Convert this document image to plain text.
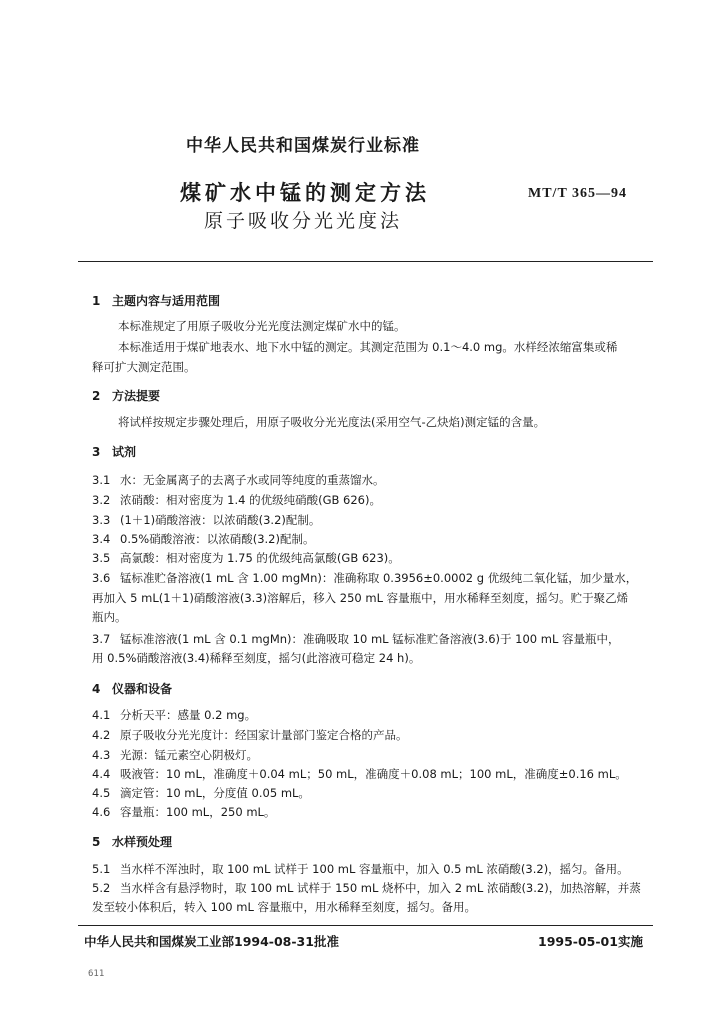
中华人民共和国煤炭行业标准
煤矿水中锰的测定方法
原子吸收分光光度法
MT/T 365—94
1 主题内容与适用范围
本标准规定了用原子吸收分光光度法测定煤矿水中的锰。
本标准适用于煤矿地表水、地下水中锰的测定。其测定范围为 0.1～4.0 mg。水样经浓缩富集或稀
释可扩大测定范围。
2 方法提要
将试样按规定步骤处理后，用原子吸收分光光度法(采用空气-乙炔焰)测定锰的含量。
3 试剂
3.1 水：无金属离子的去离子水或同等纯度的重蒸馏水。
3.2 浓硝酸：相对密度为 1.4 的优级纯硝酸(GB 626)。
3.3 (1＋1)硝酸溶液：以浓硝酸(3.2)配制。
3.4 0.5%硝酸溶液：以浓硝酸(3.2)配制。
3.5 高氯酸：相对密度为 1.75 的优级纯高氯酸(GB 623)。
3.6 锰标准贮备溶液(1 mL 含 1.00 mgMn)：准确称取 0.3956±0.0002 g 优级纯二氧化锰，加少量水，
再加入 5 mL(1＋1)硝酸溶液(3.3)溶解后，移入 250 mL 容量瓶中，用水稀释至刻度，摇匀。贮于聚乙烯
瓶内。
3.7 锰标准溶液(1 mL 含 0.1 mgMn)：准确吸取 10 mL 锰标准贮备溶液(3.6)于 100 mL 容量瓶中，
用 0.5%硝酸溶液(3.4)稀释至刻度，摇匀(此溶液可稳定 24 h)。
4 仪器和设备
4.1 分析天平：感量 0.2 mg。
4.2 原子吸收分光光度计：经国家计量部门鉴定合格的产品。
4.3 光源：锰元素空心阴极灯。
4.4 吸液管：10 mL，准确度＋0.04 mL；50 mL，准确度＋0.08 mL；100 mL，准确度±0.16 mL。
4.5 滴定管：10 mL，分度值 0.05 mL。
4.6 容量瓶：100 mL，250 mL。
5 水样预处理
5.1 当水样不浑浊时，取 100 mL 试样于 100 mL 容量瓶中，加入 0.5 mL 浓硝酸(3.2)，摇匀。备用。
5.2 当水样含有悬浮物时，取 100 mL 试样于 150 mL 烧杯中，加入 2 mL 浓硝酸(3.2)，加热溶解，并蒸
发至较小体积后，转入 100 mL 容量瓶中，用水稀释至刻度，摇匀。备用。
中华人民共和国煤炭工业部1994-08-31批准	1995-05-01实施
611
